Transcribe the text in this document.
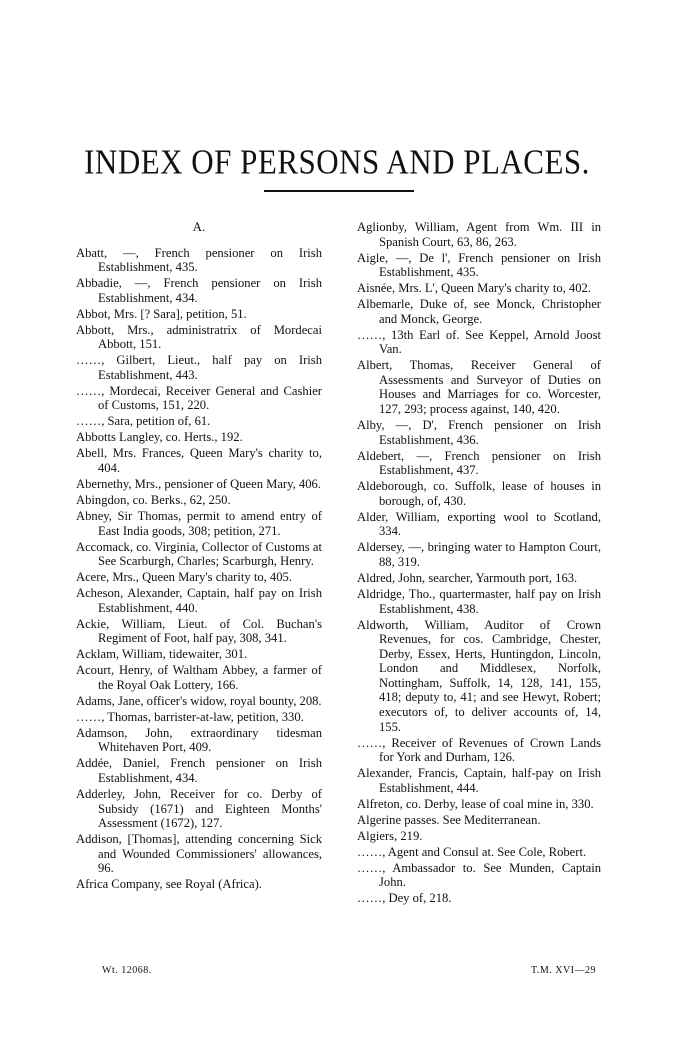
INDEX OF PERSONS AND PLACES.
A.
Abatt, —, French pensioner on Irish Establishment, 435.
Abbadie, —, French pensioner on Irish Establishment, 434.
Abbot, Mrs. [? Sara], petition, 51.
Abbott, Mrs., administratrix of Mordecai Abbott, 151.
……, Gilbert, Lieut., half pay on Irish Establishment, 443.
……, Mordecai, Receiver General and Cashier of Customs, 151, 220.
……, Sara, petition of, 61.
Abbotts Langley, co. Herts., 192.
Abell, Mrs. Frances, Queen Mary's charity to, 404.
Abernethy, Mrs., pensioner of Queen Mary, 406.
Abingdon, co. Berks., 62, 250.
Abney, Sir Thomas, permit to amend entry of East India goods, 308; petition, 271.
Accomack, co. Virginia, Collector of Customs at See Scarburgh, Charles; Scarburgh, Henry.
Acere, Mrs., Queen Mary's charity to, 405.
Acheson, Alexander, Captain, half pay on Irish Establishment, 440.
Ackie, William, Lieut. of Col. Buchan's Regiment of Foot, half pay, 308, 341.
Acklam, William, tidewaiter, 301.
Acourt, Henry, of Waltham Abbey, a farmer of the Royal Oak Lottery, 166.
Adams, Jane, officer's widow, royal bounty, 208.
……, Thomas, barrister-at-law, petition, 330.
Adamson, John, extraordinary tidesman Whitehaven Port, 409.
Addée, Daniel, French pensioner on Irish Establishment, 434.
Adderley, John, Receiver for co. Derby of Subsidy (1671) and Eighteen Months' Assessment (1672), 127.
Addison, [Thomas], attending concerning Sick and Wounded Commissioners' allowances, 96.
Africa Company, see Royal (Africa).
Aglionby, William, Agent from Wm. III in Spanish Court, 63, 86, 263.
Aigle, —, De l', French pensioner on Irish Establishment, 435.
Aisnée, Mrs. L', Queen Mary's charity to, 402.
Albemarle, Duke of, see Monck, Christopher and Monck, George.
……, 13th Earl of. See Keppel, Arnold Joost Van.
Albert, Thomas, Receiver General of Assessments and Surveyor of Duties on Houses and Marriages for co. Worcester, 127, 293; process against, 140, 420.
Alby, —, D', French pensioner on Irish Establishment, 436.
Aldebert, —, French pensioner on Irish Establishment, 437.
Aldeborough, co. Suffolk, lease of houses in borough, of, 430.
Alder, William, exporting wool to Scotland, 334.
Aldersey, —, bringing water to Hampton Court, 88, 319.
Aldred, John, searcher, Yarmouth port, 163.
Aldridge, Tho., quartermaster, half pay on Irish Establishment, 438.
Aldworth, William, Auditor of Crown Revenues, for cos. Cambridge, Chester, Derby, Essex, Herts, Huntingdon, Lincoln, London and Middlesex, Norfolk, Nottingham, Suffolk, 14, 128, 141, 155, 418; deputy to, 41; and see Hewyt, Robert; executors of, to deliver accounts of, 14, 155.
……, Receiver of Revenues of Crown Lands for York and Durham, 126.
Alexander, Francis, Captain, half-pay on Irish Establishment, 444.
Alfreton, co. Derby, lease of coal mine in, 330.
Algerine passes. See Mediterranean.
Algiers, 219.
……, Agent and Consul at. See Cole, Robert.
……, Ambassador to. See Munden, Captain John.
……, Dey of, 218.
Wt. 12068.	T.M. XVI—29
